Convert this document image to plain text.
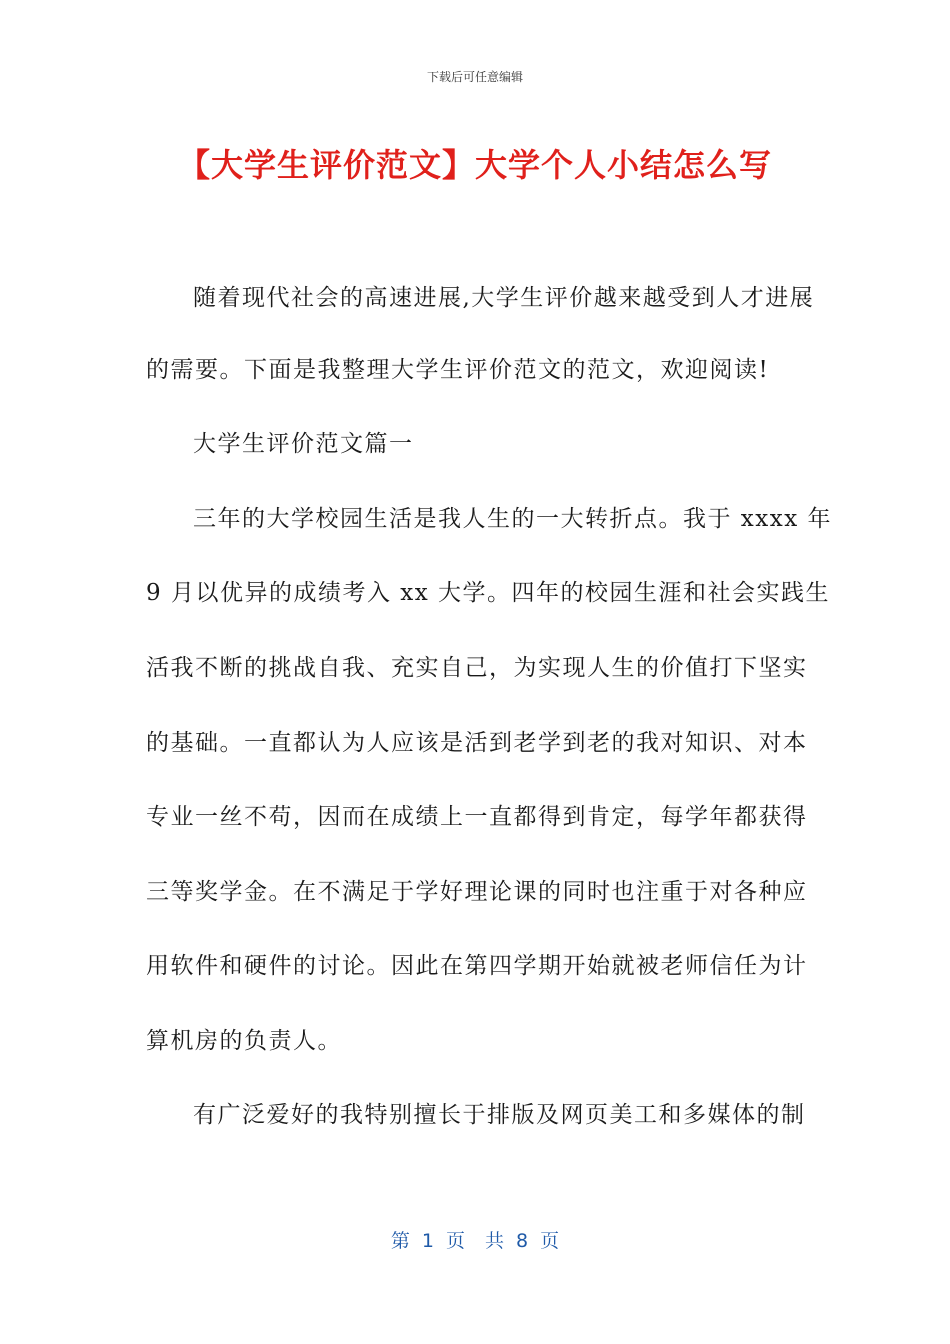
下载后可任意编辑
【大学生评价范文】大学个人小结怎么写
随着现代社会的高速进展,大学生评价越来越受到人才进展
的需要。下面是我整理大学生评价范文的范文，欢迎阅读!
大学生评价范文篇一
三年的大学校园生活是我人生的一大转折点。我于 xxxx 年
9 月以优异的成绩考入 xx 大学。四年的校园生涯和社会实践生
活我不断的挑战自我、充实自己，为实现人生的价值打下坚实
的基础。一直都认为人应该是活到老学到老的我对知识、对本
专业一丝不苟，因而在成绩上一直都得到肯定，每学年都获得
三等奖学金。在不满足于学好理论课的同时也注重于对各种应
用软件和硬件的讨论。因此在第四学期开始就被老师信任为计
算机房的负责人。
有广泛爱好的我特别擅长于排版及网页美工和多媒体的制
第 1 页 共 8 页
